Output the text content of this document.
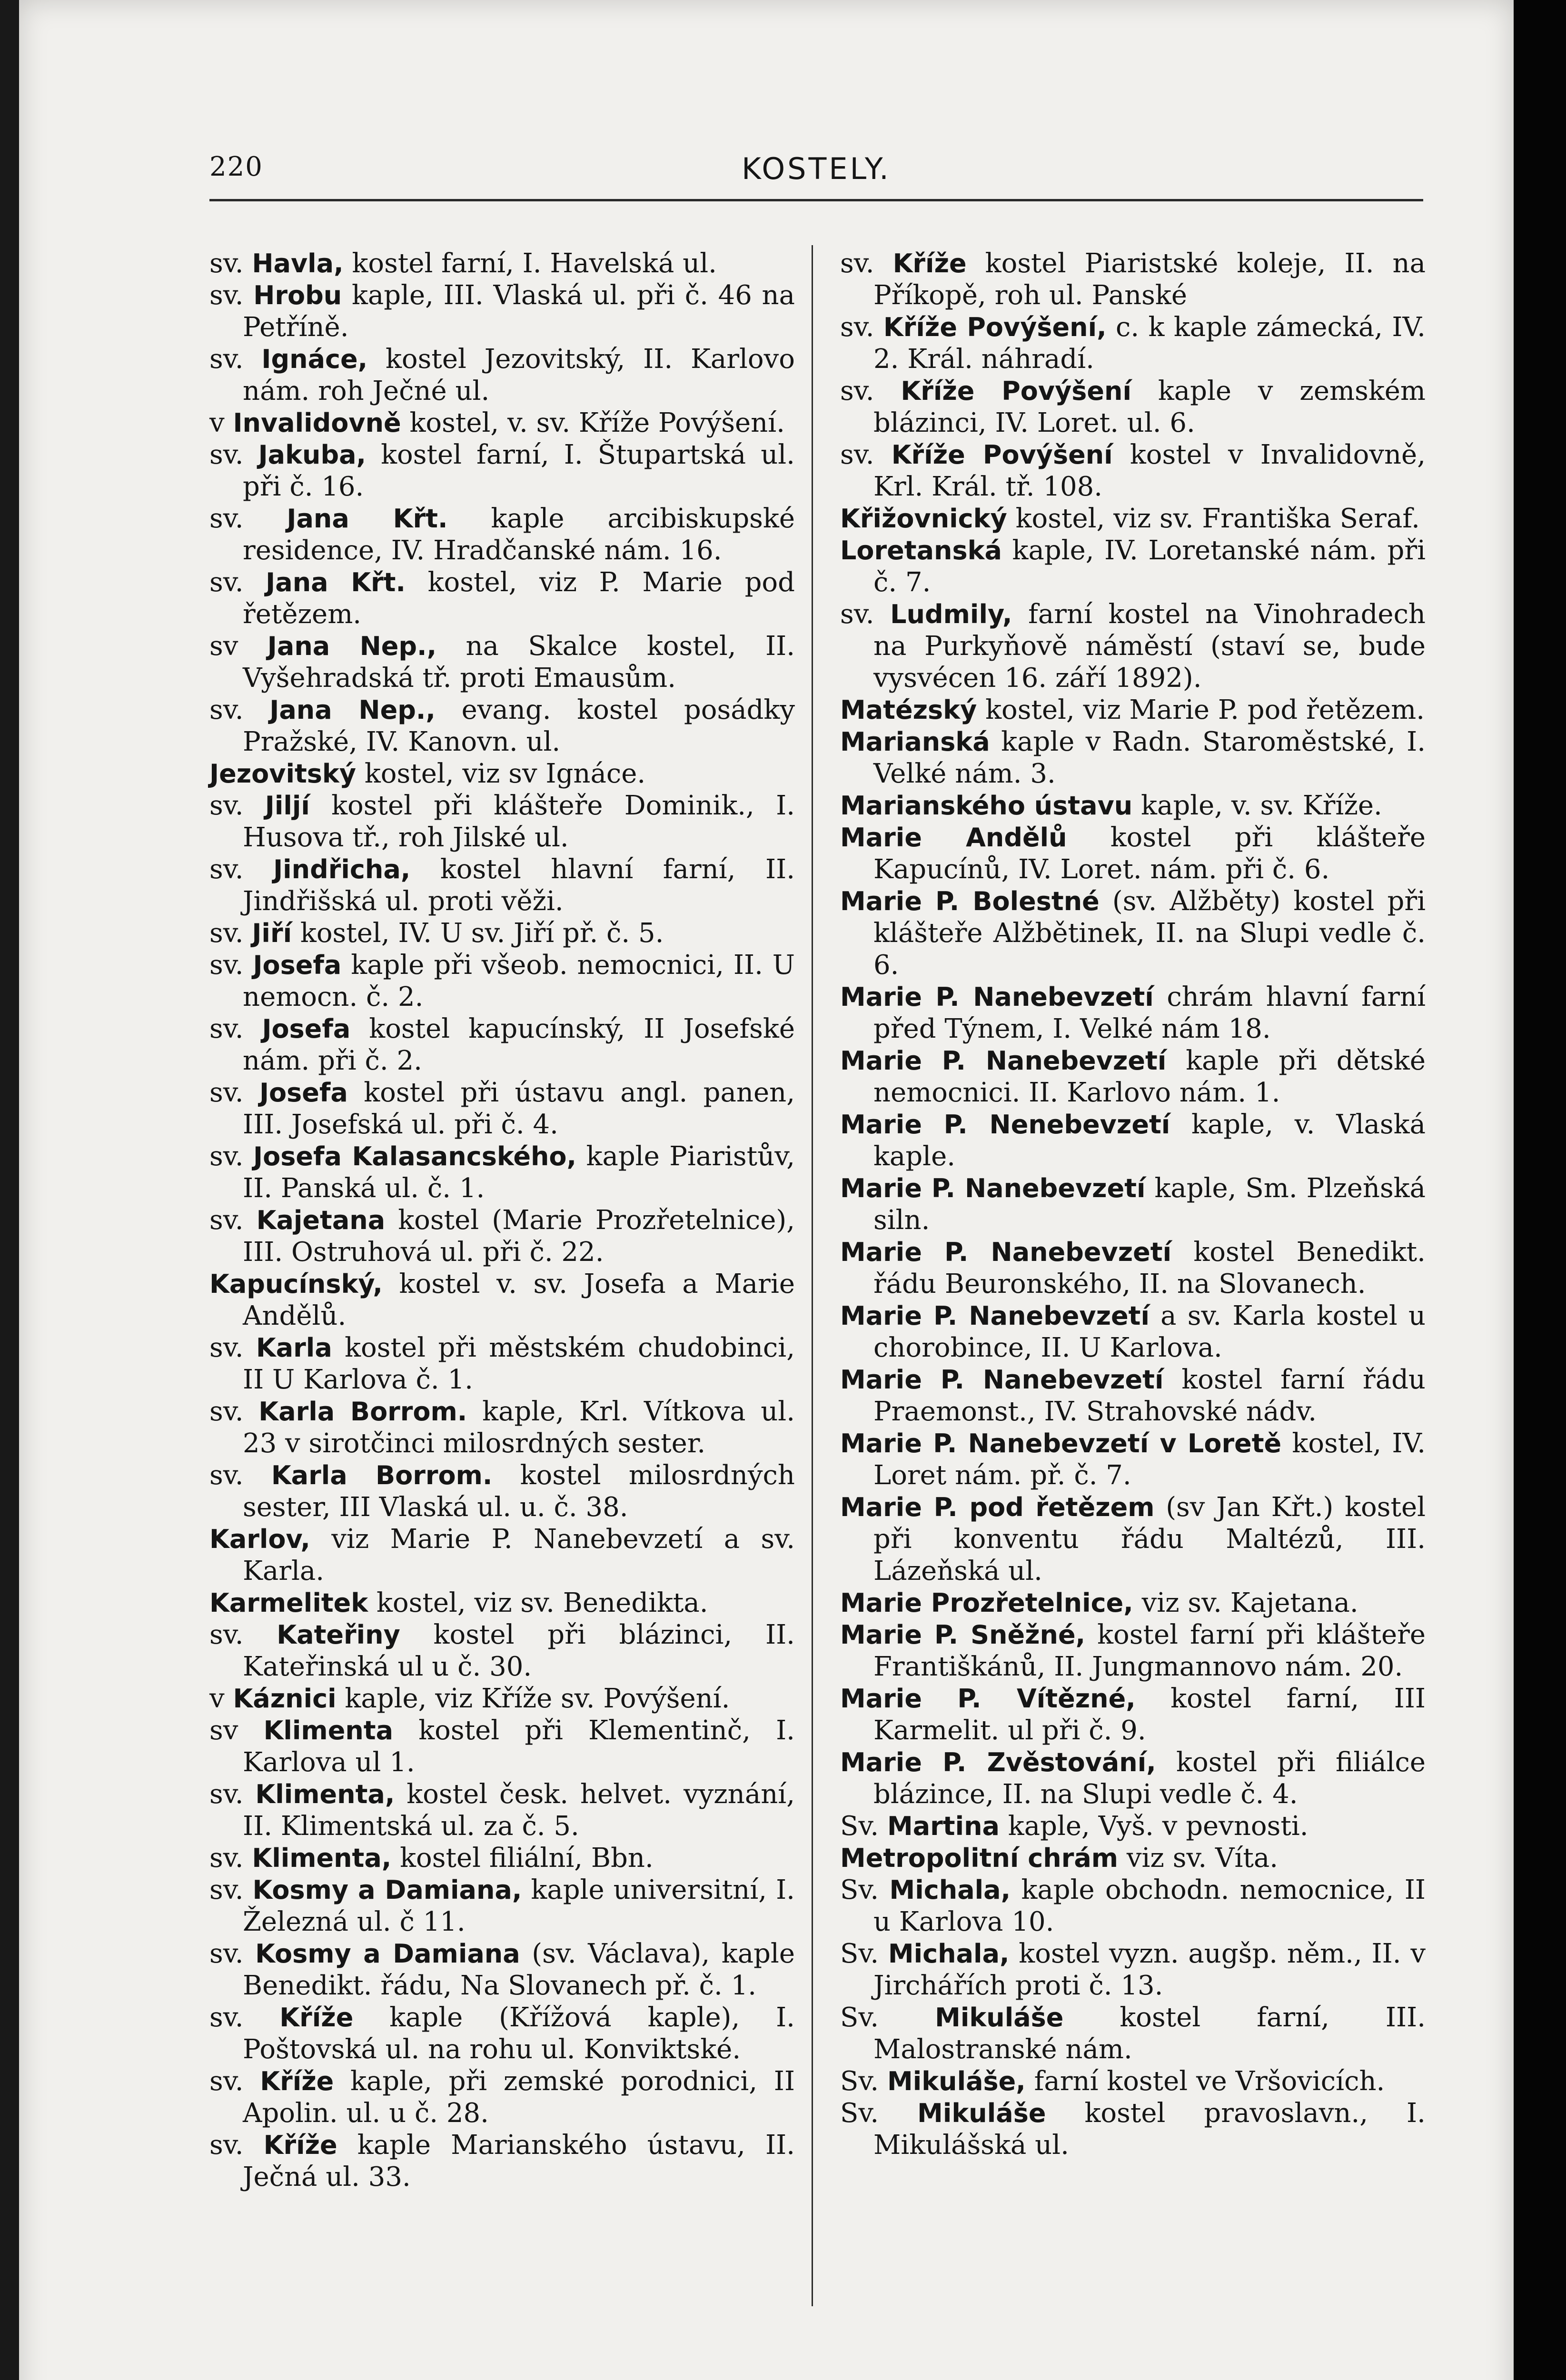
220	KOSTELY.
sv. Havla, kostel farní, I. Havelská ul.
sv. Hrobu kaple, III. Vlaská ul. při č. 46 na Petříně.
sv. Ignáce, kostel Jezovitský, II. Karlovo nám. roh Ječné ul.
v Invalidovně kostel, v. sv. Kříže Povýšení.
sv. Jakuba, kostel farní, I. Štupartská ul. při č. 16.
sv. Jana Křt. kaple arcibiskupské residence, IV. Hradčanské nám. 16.
sv. Jana Křt. kostel, viz P. Marie pod řetězem.
sv Jana Nep., na Skalce kostel, II. Vyšehradská tř. proti Emausům.
sv. Jana Nep., evang. kostel posádky Pražské, IV. Kanovn. ul.
Jezovitský kostel, viz sv Ignáce.
sv. Jiljí kostel při klášteře Dominik., I. Husova tř., roh Jilské ul.
sv. Jindřicha, kostel hlavní farní, II. Jindřišská ul. proti věži.
sv. Jiří kostel, IV. U sv. Jiří př. č. 5.
sv. Josefa kaple při všeob. nemocnici, II. U nemocn. č. 2.
sv. Josefa kostel kapucínský, II Josefské nám. při č. 2.
sv. Josefa kostel při ústavu angl. panen, III. Josefská ul. při č. 4.
sv. Josefa Kalasancského, kaple Piaristův, II. Panská ul. č. 1.
sv. Kajetana kostel (Marie Prozřetelnice), III. Ostruhová ul. při č. 22.
Kapucínský, kostel v. sv. Josefa a Marie Andělů.
sv. Karla kostel při městském chudobinci, II U Karlova č. 1.
sv. Karla Borrom. kaple, Krl. Vítkova ul. 23 v sirotčinci milosrdných sester.
sv. Karla Borrom. kostel milosrdných sester, III Vlaská ul. u. č. 38.
Karlov, viz Marie P. Nanebevzetí a sv. Karla.
Karmelitek kostel, viz sv. Benedikta.
sv. Kateřiny kostel při blázinci, II. Kateřinská ul u č. 30.
v Káznici kaple, viz Kříže sv. Povýšení.
sv Klimenta kostel při Klementinč, I. Karlova ul 1.
sv. Klimenta, kostel česk. helvet. vyznání, II. Klimentská ul. za č. 5.
sv. Klimenta, kostel filiální, Bbn.
sv. Kosmy a Damiana, kaple universitní, I. Železná ul. č 11.
sv. Kosmy a Damiana (sv. Václava), kaple Benedikt. řádu, Na Slovanech př. č. 1.
sv. Kříže kaple (Křížová kaple), I. Poštovská ul. na rohu ul. Konviktské.
sv. Kříže kaple, při zemské porodnici, II Apolin. ul. u č. 28.
sv. Kříže kaple Marianského ústavu, II. Ječná ul. 33.
sv. Kříže kostel Piaristské koleje, II. na Příkopě, roh ul. Panské
sv. Kříže Povýšení, c. k kaple zámecká, IV. 2. Král. náhradí.
sv. Kříže Povýšení kaple v zemském blázinci, IV. Loret. ul. 6.
sv. Kříže Povýšení kostel v Invalidovně, Krl. Král. tř. 108.
Křižovnický kostel, viz sv. Františka Seraf.
Loretanská kaple, IV. Loretanské nám. při č. 7.
sv. Ludmily, farní kostel na Vinohradech na Purkyňově náměstí (staví se, bude vysvécen 16. září 1892).
Matézský kostel, viz Marie P. pod řetězem.
Marianská kaple v Radn. Staroměstské, I. Velké nám. 3.
Marianského ústavu kaple, v. sv. Kříže.
Marie Andělů kostel při klášteře Kapucínů, IV. Loret. nám. při č. 6.
Marie P. Bolestné (sv. Alžběty) kostel při klášteře Alžbětinek, II. na Slupi vedle č. 6.
Marie P. Nanebevzetí chrám hlavní farní před Týnem, I. Velké nám 18.
Marie P. Nanebevzetí kaple při dětské nemocnici. II. Karlovo nám. 1.
Marie P. Nenebevzetí kaple, v. Vlaská kaple.
Marie P. Nanebevzetí kaple, Sm. Plzeňská siln.
Marie P. Nanebevzetí kostel Benedikt. řádu Beuronského, II. na Slovanech.
Marie P. Nanebevzetí a sv. Karla kostel u chorobince, II. U Karlova.
Marie P. Nanebevzetí kostel farní řádu Praemonst., IV. Strahovské nádv.
Marie P. Nanebevzetí v Loretě kostel, IV. Loret nám. př. č. 7.
Marie P. pod řetězem (sv Jan Křt.) kostel při konventu řádu Maltézů, III. Lázeňská ul.
Marie Prozřetelnice, viz sv. Kajetana.
Marie P. Sněžné, kostel farní při klášteře Františkánů, II. Jungmannovo nám. 20.
Marie P. Vítězné, kostel farní, III Karmelit. ul při č. 9.
Marie P. Zvěstování, kostel při filiálce blázince, II. na Slupi vedle č. 4.
Sv. Martina kaple, Vyš. v pevnosti.
Metropolitní chrám viz sv. Víta.
Sv. Michala, kaple obchodn. nemocnice, II u Karlova 10.
Sv. Michala, kostel vyzn. augšp. něm., II. v Jirchářích proti č. 13.
Sv. Mikuláše kostel farní, III. Malostranské nám.
Sv. Mikuláše, farní kostel ve Vršovicích.
Sv. Mikuláše kostel pravoslavn., I. Mikulášská ul.
